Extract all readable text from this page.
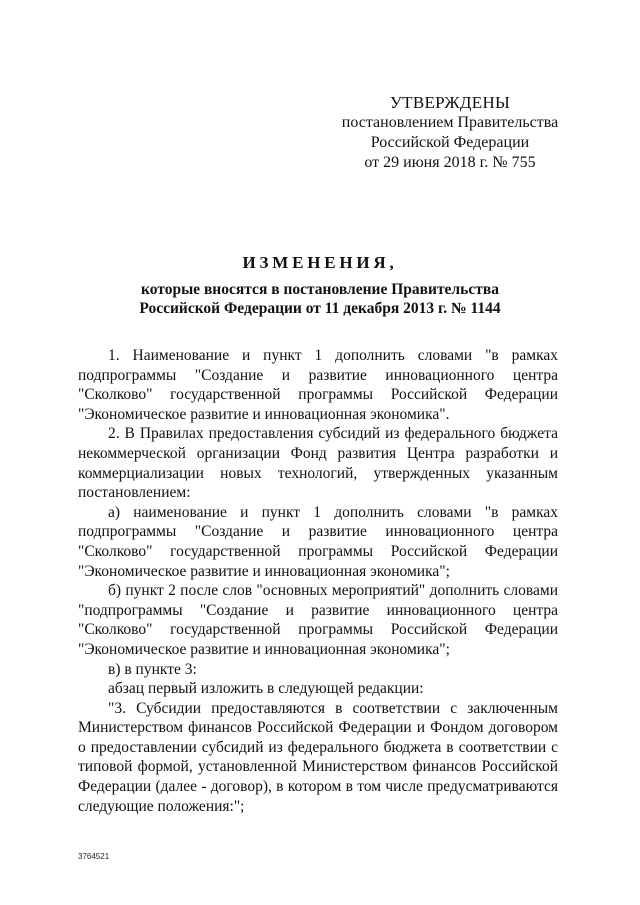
УТВЕРЖДЕНЫ
постановлением Правительства
Российской Федерации
от 29 июня 2018 г. № 755
ИЗМЕНЕНИЯ,
которые вносятся в постановление Правительства
Российской Федерации от 11 декабря 2013 г. № 1144

1. Наименование и пункт 1 дополнить словами "в рамках подпрограммы "Создание и развитие инновационного центра "Сколково" государственной программы Российской Федерации "Экономическое развитие и инновационная экономика".

2. В Правилах предоставления субсидий из федерального бюджета некоммерческой организации Фонд развития Центра разработки и коммерциализации новых технологий, утвержденных указанным постановлением:

а) наименование и пункт 1 дополнить словами "в рамках подпрограммы "Создание и развитие инновационного центра "Сколково" государственной программы Российской Федерации "Экономическое развитие и инновационная экономика";

б) пункт 2 после слов "основных мероприятий" дополнить словами "подпрограммы "Создание и развитие инновационного центра "Сколково" государственной программы Российской Федерации "Экономическое развитие и инновационная экономика";

в) в пункте 3:

абзац первый изложить в следующей редакции:

"3. Субсидии предоставляются в соответствии с заключенным Министерством финансов Российской Федерации и Фондом договором о предоставлении субсидий из федерального бюджета в соответствии с типовой формой, установленной Министерством финансов Российской Федерации (далее - договор), в котором в том числе предусматриваются следующие положения:";

3764521
